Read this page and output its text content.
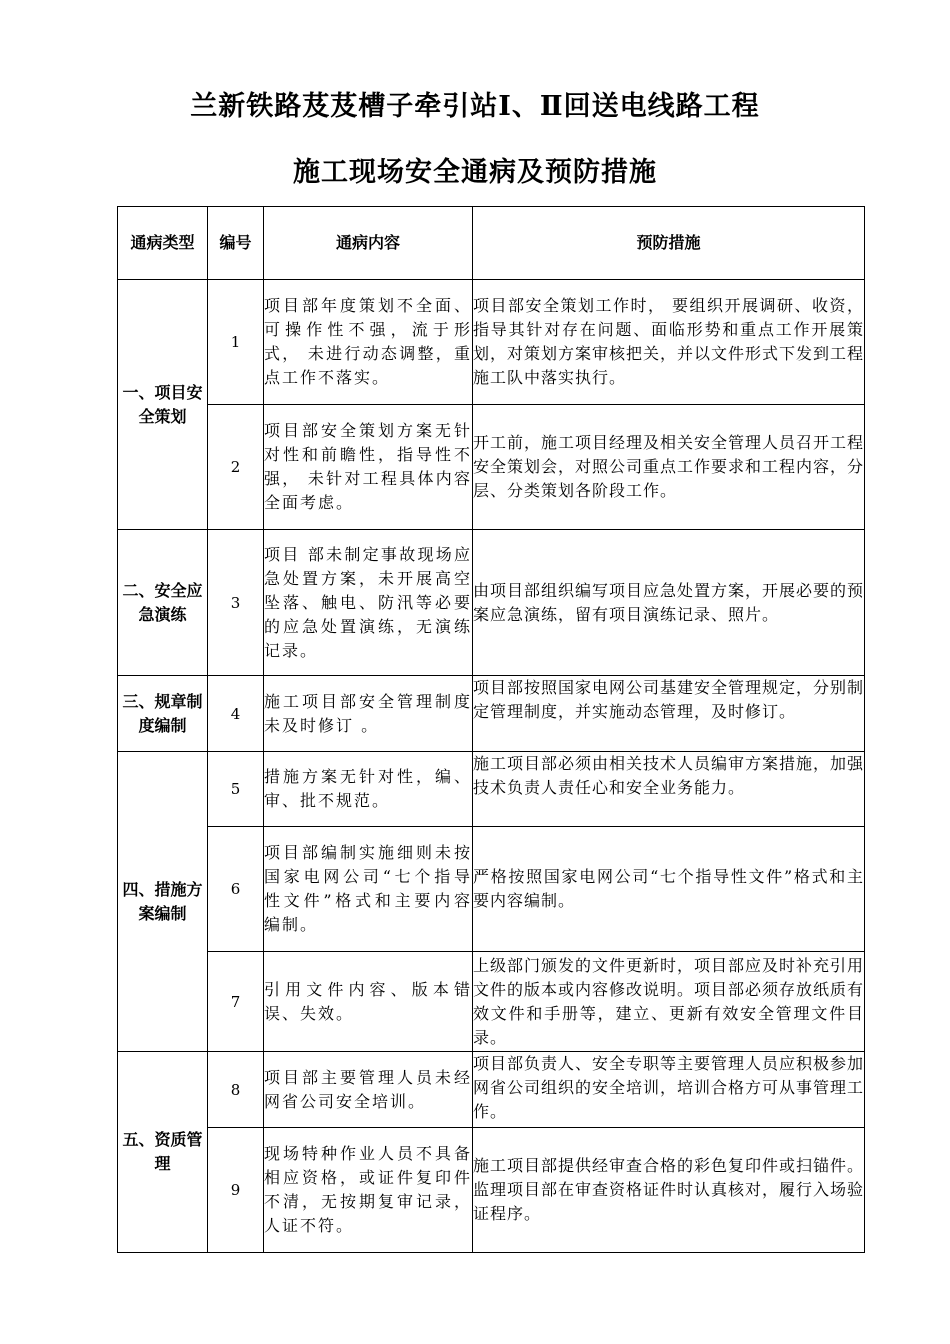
兰新铁路芨芨槽子牵引站Ⅰ、Ⅱ回送电线路工程
施工现场安全通病及预防措施
通病类型	编号	通病内容	预防措施
一、项目安全策划	1	项目部年度策划不全面、可操作性不强，流于形式， 未进行动态调整，重点工作不落实。	项目部安全策划工作时， 要组织开展调研、收资，指导其针对存在问题、面临形势和重点工作开展策划，对策划方案审核把关，并以文件形式下发到工程施工队中落实执行。
	2	项目部安全策划方案无针对性和前瞻性，指导性不强， 未针对工程具体内容全面考虑。	开工前，施工项目经理及相关安全管理人员召开工程安全策划会，对照公司重点工作要求和工程内容，分层、分类策划各阶段工作。
二、安全应急演练	3	项目 部未制定事故现场应急处置方案，未开展高空坠落、触电、防汛等必要的应急处置演练，无演练记录。	由项目部组织编写项目应急处置方案，开展必要的预案应急演练，留有项目演练记录、照片。
三、规章制度编制	4	施工项目部安全管理制度未及时修订 。	项目部按照国家电网公司基建安全管理规定，分别制定管理制度，并实施动态管理，及时修订。
四、措施方案编制	5	措施方案无针对性，编、 审、批不规范。	施工项目部必须由相关技术人员编审方案措施，加强技术负责人责任心和安全业务能力。
	6	项目部编制实施细则未按国家电网公司“七个指导性文件”格式和主要内容编制。	严格按照国家电网公司“七个指导性文件”格式和主要内容编制。
	7	引用文件内容、版本错误、失效。	上级部门颁发的文件更新时，项目部应及时补充引用文件的版本或内容修改说明。项目部必须存放纸质有效文件和手册等，建立、更新有效安全管理文件目录。
五、资质管理	8	项目部主要管理人员未经网省公司安全培训。	项目部负责人、安全专职等主要管理人员应积极参加网省公司组织的安全培训，培训合格方可从事管理工作。
	9	现场特种作业人员不具备相应资格，或证件复印件不清，无按期复审记录，人证不符。	施工项目部提供经审查合格的彩色复印件或扫锚件。监理项目部在审查资格证件时认真核对，履行入场验证程序。
